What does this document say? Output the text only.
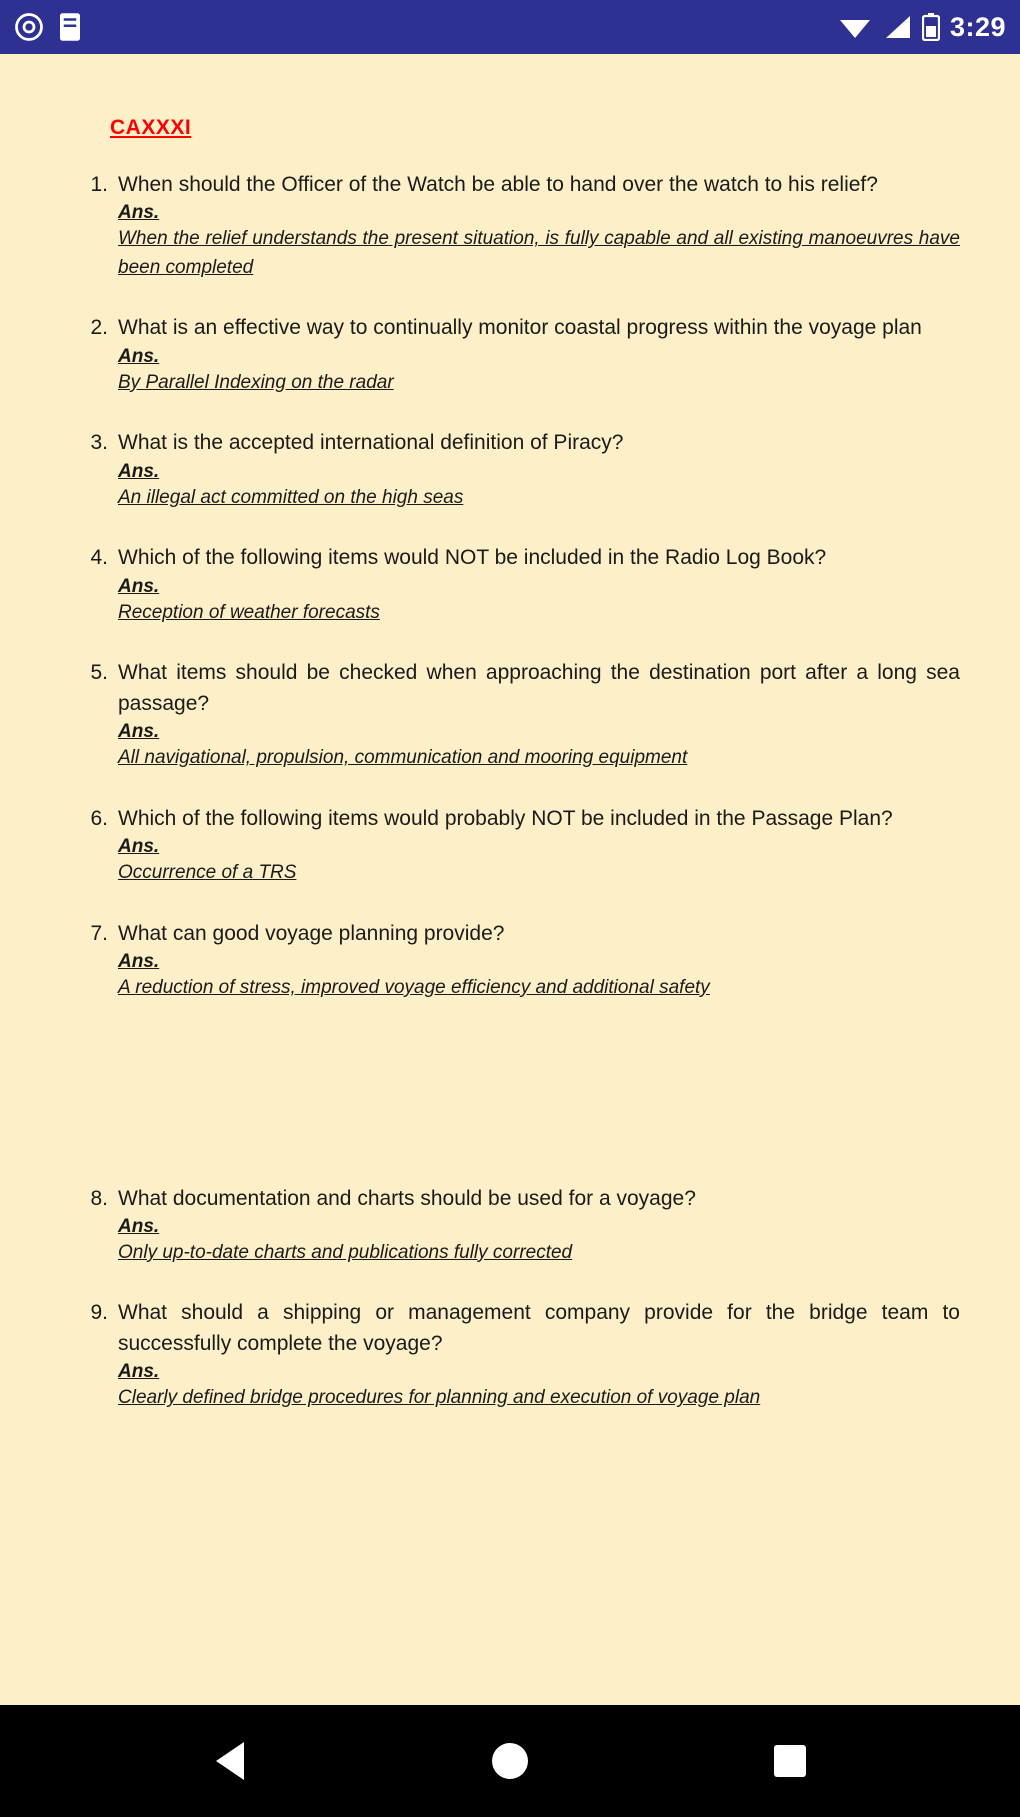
3:29
CAXXXI
1. When should the Officer of the Watch be able to hand over the watch to his relief?

Ans.

When the relief understands the present situation, is fully capable and all existing manoeuvres have been completed

2. What is an effective way to continually monitor coastal progress within the voyage plan

Ans.

By Parallel Indexing on the radar

3. What is the accepted international definition of Piracy?

Ans.

An illegal act committed on the high seas

4. Which of the following items would NOT be included in the Radio Log Book?

Ans.

Reception of weather forecasts

5. What items should be checked when approaching the destination port after a long sea passage?

Ans.

All navigational, propulsion, communication and mooring equipment

6. Which of the following items would probably NOT be included in the Passage Plan?

Ans.

Occurrence of a TRS

7. What can good voyage planning provide?

Ans.

A reduction of stress, improved voyage efficiency and additional safety

8. What documentation and charts should be used for a voyage?

Ans.

Only up-to-date charts and publications fully corrected

9. What should a shipping or management company provide for the bridge team to successfully complete the voyage?

Ans.

Clearly defined bridge procedures for planning and execution of voyage plan
